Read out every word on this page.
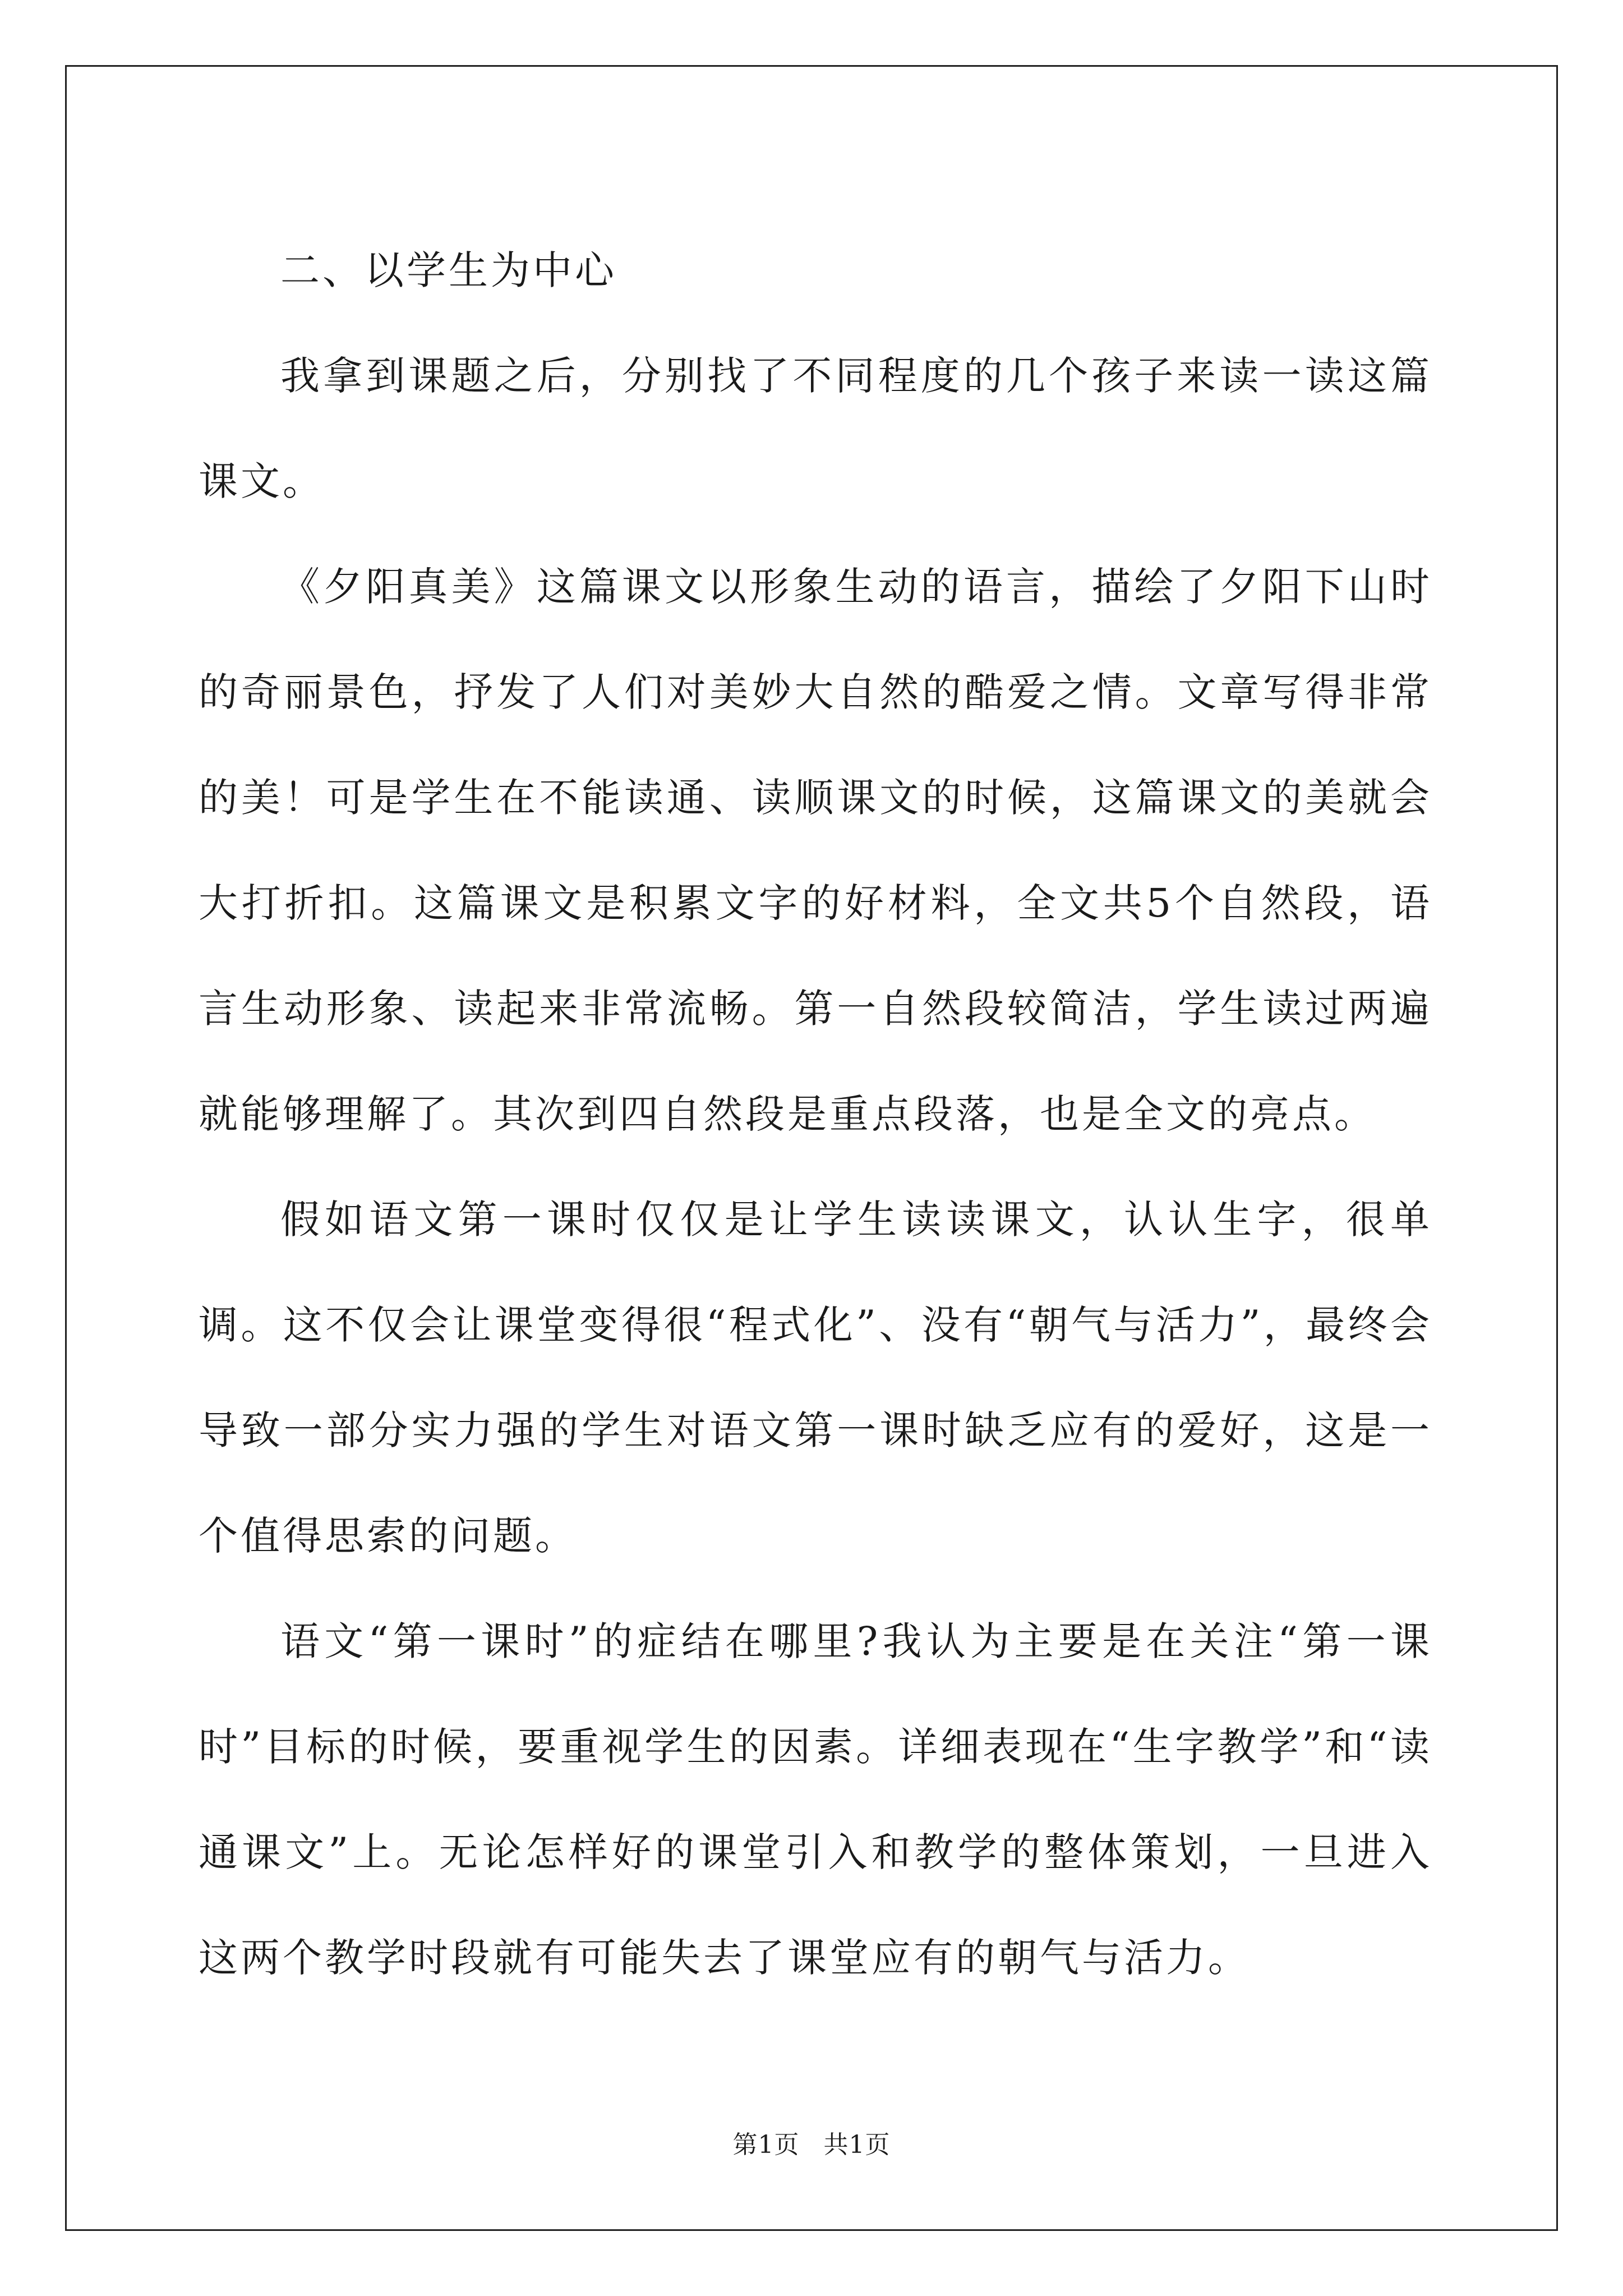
二、以学生为中心

我拿到课题之后，分别找了不同程度的几个孩子来读一读这篇课文。

《夕阳真美》这篇课文以形象生动的语言，描绘了夕阳下山时的奇丽景色，抒发了人们对美妙大自然的酷爱之情。文章写得非常的美！可是学生在不能读通、读顺课文的时候，这篇课文的美就会大打折扣。这篇课文是积累文字的好材料，全文共5个自然段，语言生动形象、读起来非常流畅。第一自然段较简洁，学生读过两遍就能够理解了。其次到四自然段是重点段落，也是全文的亮点。

假如语文第一课时仅仅是让学生读读课文，认认生字，很单调。这不仅会让课堂变得很“程式化”、没有“朝气与活力”，最终会导致一部分实力强的学生对语文第一课时缺乏应有的爱好，这是一个值得思索的问题。

语文“第一课时”的症结在哪里?我认为主要是在关注“第一课时”目标的时候，要重视学生的因素。详细表现在“生字教学”和“读通课文”上。无论怎样好的课堂引入和教学的整体策划，一旦进入这两个教学时段就有可能失去了课堂应有的朝气与活力。

第1页 共1页
